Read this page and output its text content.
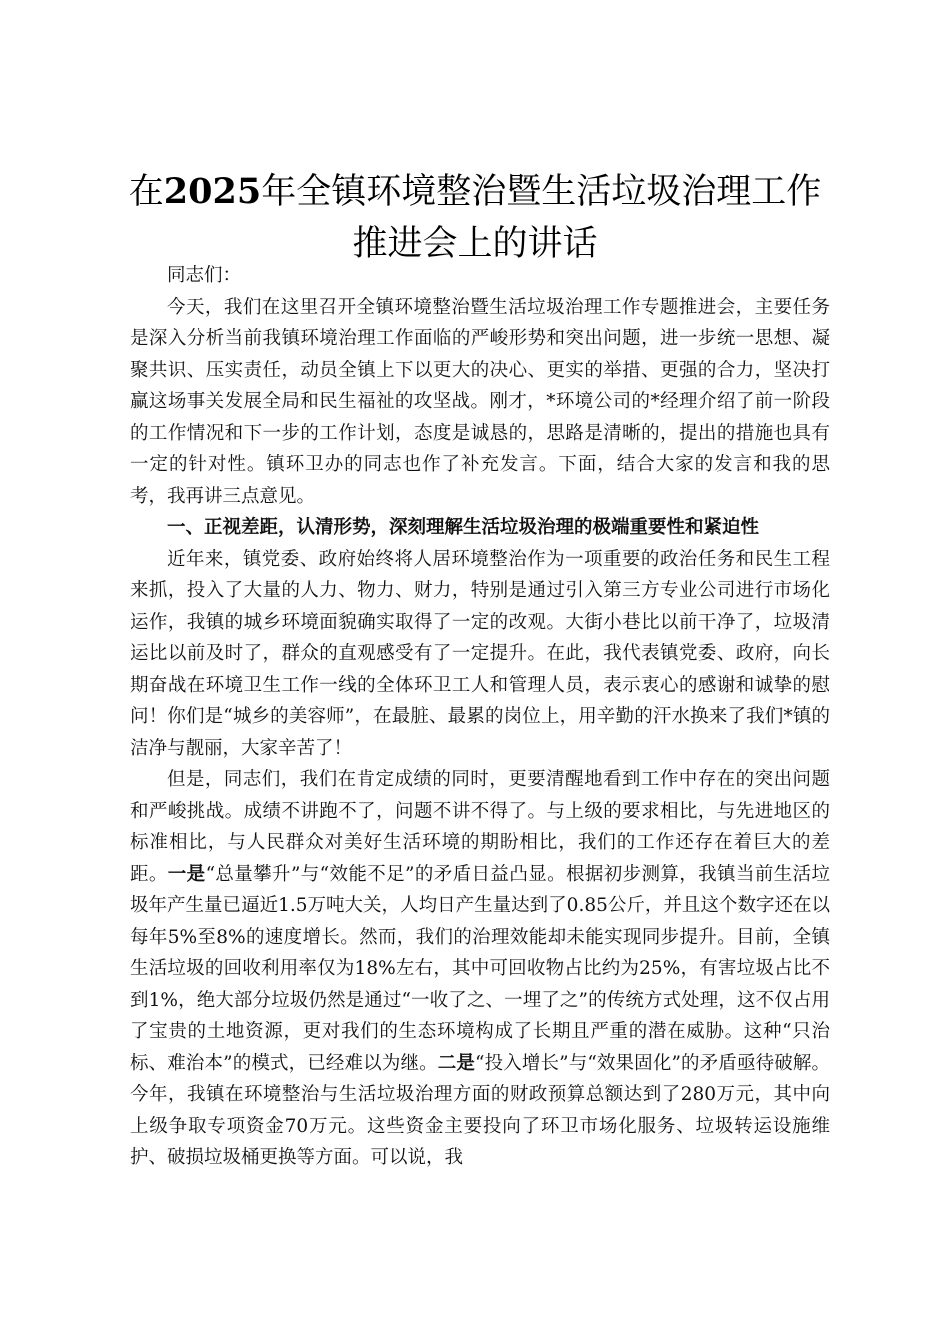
在2025年全镇环境整治暨生活垃圾治理工作
推进会上的讲话

同志们：

今天，我们在这里召开全镇环境整治暨生活垃圾治理工作专题推进会，主要任务是深入分析当前我镇环境治理工作面临的严峻形势和突出问题，进一步统一思想、凝聚共识、压实责任，动员全镇上下以更大的决心、更实的举措、更强的合力，坚决打赢这场事关发展全局和民生福祉的攻坚战。刚才，*环境公司的*经理介绍了前一阶段的工作情况和下一步的工作计划，态度是诚恳的，思路是清晰的，提出的措施也具有一定的针对性。镇环卫办的同志也作了补充发言。下面，结合大家的发言和我的思考，我再讲三点意见。

一、正视差距，认清形势，深刻理解生活垃圾治理的极端重要性和紧迫性

近年来，镇党委、政府始终将人居环境整治作为一项重要的政治任务和民生工程来抓，投入了大量的人力、物力、财力，特别是通过引入第三方专业公司进行市场化运作，我镇的城乡环境面貌确实取得了一定的改观。大街小巷比以前干净了，垃圾清运比以前及时了，群众的直观感受有了一定提升。在此，我代表镇党委、政府，向长期奋战在环境卫生工作一线的全体环卫工人和管理人员，表示衷心的感谢和诚挚的慰问！你们是“城乡的美容师”，在最脏、最累的岗位上，用辛勤的汗水换来了我们*镇的洁净与靓丽，大家辛苦了！

但是，同志们，我们在肯定成绩的同时，更要清醒地看到工作中存在的突出问题和严峻挑战。成绩不讲跑不了，问题不讲不得了。与上级的要求相比，与先进地区的标准相比，与人民群众对美好生活环境的期盼相比，我们的工作还存在着巨大的差距。一是“总量攀升”与“效能不足”的矛盾日益凸显。根据初步测算，我镇当前生活垃圾年产生量已逼近1.5万吨大关，人均日产生量达到了0.85公斤，并且这个数字还在以每年5%至8%的速度增长。然而，我们的治理效能却未能实现同步提升。目前，全镇生活垃圾的回收利用率仅为18%左右，其中可回收物占比约为25%，有害垃圾占比不到1%，绝大部分垃圾仍然是通过“一收了之、一埋了之”的传统方式处理，这不仅占用了宝贵的土地资源，更对我们的生态环境构成了长期且严重的潜在威胁。这种“只治标、难治本”的模式，已经难以为继。二是“投入增长”与“效果固化”的矛盾亟待破解。今年，我镇在环境整治与生活垃圾治理方面的财政预算总额达到了280万元，其中向上级争取专项资金70万元。这些资金主要投向了环卫市场化服务、垃圾转运设施维护、破损垃圾桶更换等方面。可以说，我
